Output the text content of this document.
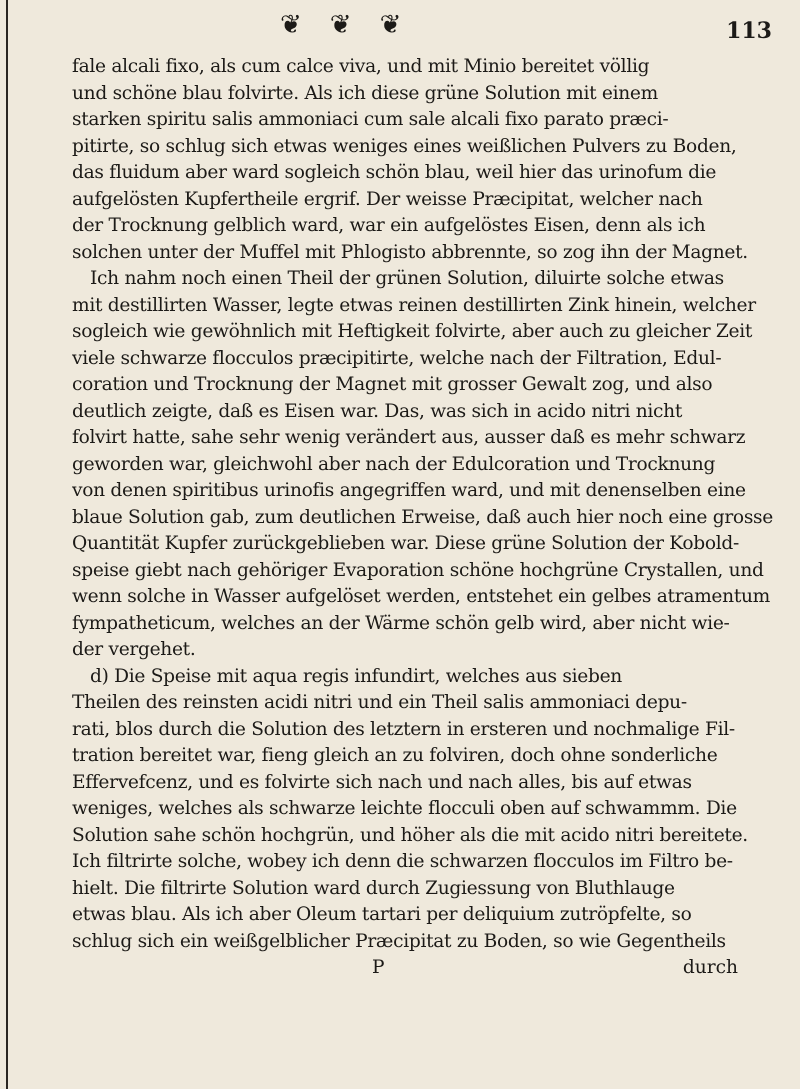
❦ ❦ ❦	113
fale alcali fixo, als cum calce viva, und mit Minio bereitet völlig
und schöne blau folvirte. Als ich diese grüne Solution mit einem
starken spiritu salis ammoniaci cum sale alcali fixo parato præci-
pitirte, so schlug sich etwas weniges eines weißlichen Pulvers zu Boden,
das fluidum aber ward sogleich schön blau, weil hier das urinofum die
aufgelösten Kupfertheile ergrif. Der weisse Præcipitat, welcher nach
der Trocknung gelblich ward, war ein aufgelöstes Eisen, denn als ich
solchen unter der Muffel mit Phlogisto abbrennte, so zog ihn der Magnet.
Ich nahm noch einen Theil der grünen Solution, diluirte solche etwas
mit destillirten Wasser, legte etwas reinen destillirten Zink hinein, welcher
sogleich wie gewöhnlich mit Heftigkeit folvirte, aber auch zu gleicher Zeit
viele schwarze flocculos præcipitirte, welche nach der Filtration, Edul-
coration und Trocknung der Magnet mit grosser Gewalt zog, und also
deutlich zeigte, daß es Eisen war. Das, was sich in acido nitri nicht
folvirt hatte, sahe sehr wenig verändert aus, ausser daß es mehr schwarz
geworden war, gleichwohl aber nach der Edulcoration und Trocknung
von denen spiritibus urinofis angegriffen ward, und mit denenselben eine
blaue Solution gab, zum deutlichen Erweise, daß auch hier noch eine grosse
Quantität Kupfer zurückgeblieben war. Diese grüne Solution der Kobold-
speise giebt nach gehöriger Evaporation schöne hochgrüne Crystallen, und
wenn solche in Wasser aufgelöset werden, entstehet ein gelbes atramentum
fympatheticum, welches an der Wärme schön gelb wird, aber nicht wie-
der vergehet.
d) Die Speise mit aqua regis infundirt, welches aus sieben
Theilen des reinsten acidi nitri und ein Theil salis ammoniaci depu-
rati, blos durch die Solution des letztern in ersteren und nochmalige Fil-
tration bereitet war, fieng gleich an zu folviren, doch ohne sonderliche
Effervefcenz, und es folvirte sich nach und nach alles, bis auf etwas
weniges, welches als schwarze leichte flocculi oben auf schwammm. Die
Solution sahe schön hochgrün, und höher als die mit acido nitri bereitete.
Ich filtrirte solche, wobey ich denn die schwarzen flocculos im Filtro be-
hielt. Die filtrirte Solution ward durch Zugiessung von Bluthlauge
etwas blau. Als ich aber Oleum tartari per deliquium zutröpfelte, so
schlug sich ein weißgelblicher Præcipitat zu Boden, so wie Gegentheils
P	durch
